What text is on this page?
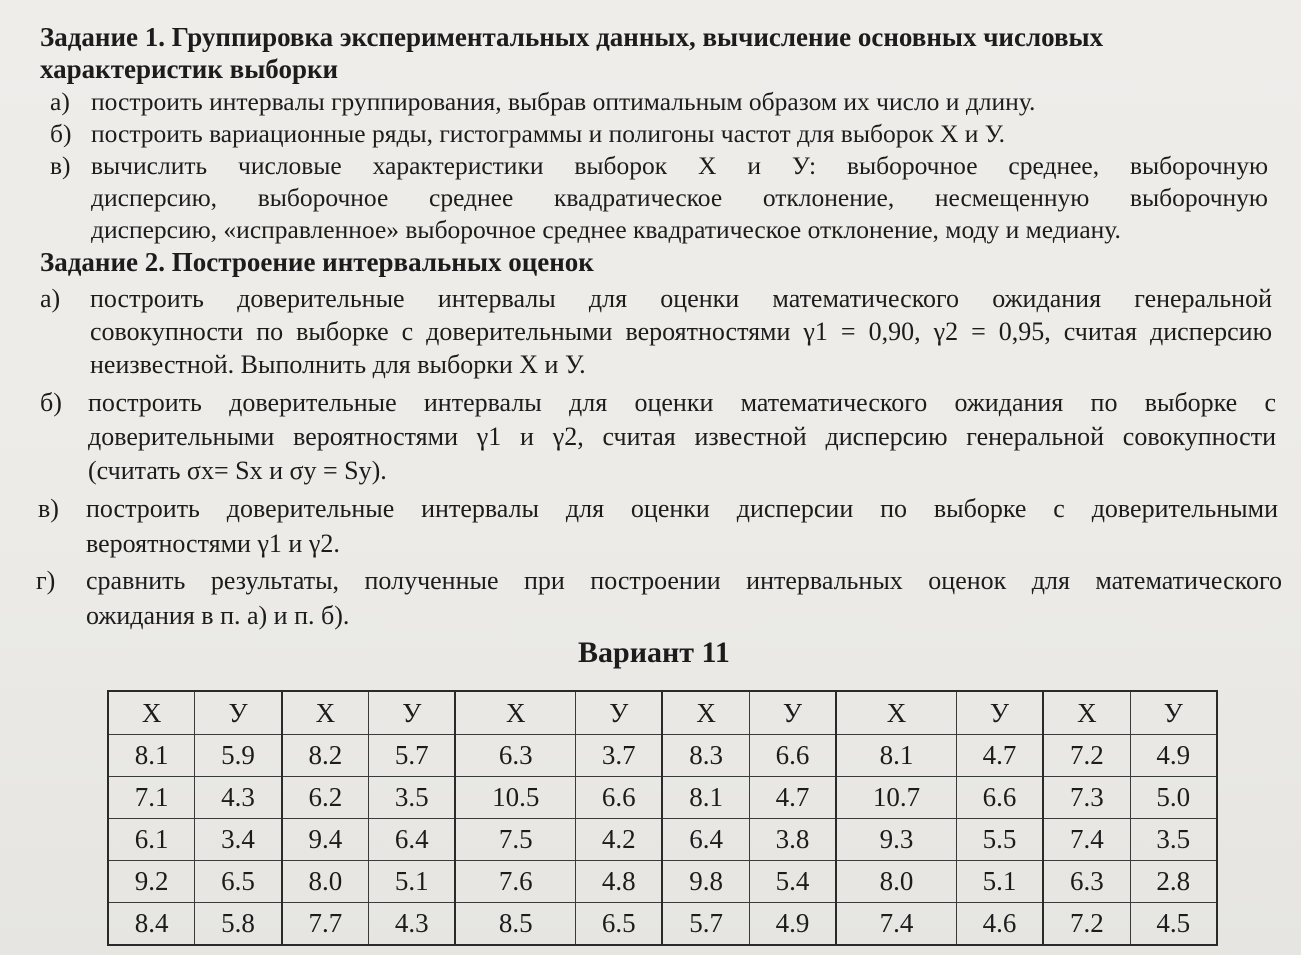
Задание 1. Группировка экспериментальных данных, вычисление основных числовых
характеристик выборки
а) построить интервалы группирования, выбрав оптимальным образом их число и длину.
б) построить вариационные ряды, гистограммы и полигоны частот для выборок X и У.
в) вычислить числовые характеристики выборок X и У: выборочное среднее, выборочную
дисперсию, выборочное среднее квадратическое отклонение, несмещенную выборочную
дисперсию, «исправленное» выборочное среднее квадратическое отклонение, моду и медиану.
Задание 2. Построение интервальных оценок
а) построить доверительные интервалы для оценки математического ожидания генеральной
совокупности по выборке с доверительными вероятностями γ1 = 0,90, γ2 = 0,95, считая дисперсию
неизвестной. Выполнить для выборки X и У.
б) построить доверительные интервалы для оценки математического ожидания по выборке с
доверительными вероятностями γ1 и γ2, считая известной дисперсию генеральной совокупности
(считать σx= Sx и σy = Sy).
в) построить доверительные интервалы для оценки дисперсии по выборке с доверительными
вероятностями γ1 и γ2.
г) сравнить результаты, полученные при построении интервальных оценок для математического
ожидания в п. а) и п. б).
Вариант 11
X	У	X	У	X	У	X	У	X	У	X	У
8.1	5.9	8.2	5.7	6.3	3.7	8.3	6.6	8.1	4.7	7.2	4.9
7.1	4.3	6.2	3.5	10.5	6.6	8.1	4.7	10.7	6.6	7.3	5.0
6.1	3.4	9.4	6.4	7.5	4.2	6.4	3.8	9.3	5.5	7.4	3.5
9.2	6.5	8.0	5.1	7.6	4.8	9.8	5.4	8.0	5.1	6.3	2.8
8.4	5.8	7.7	4.3	8.5	6.5	5.7	4.9	7.4	4.6	7.2	4.5
